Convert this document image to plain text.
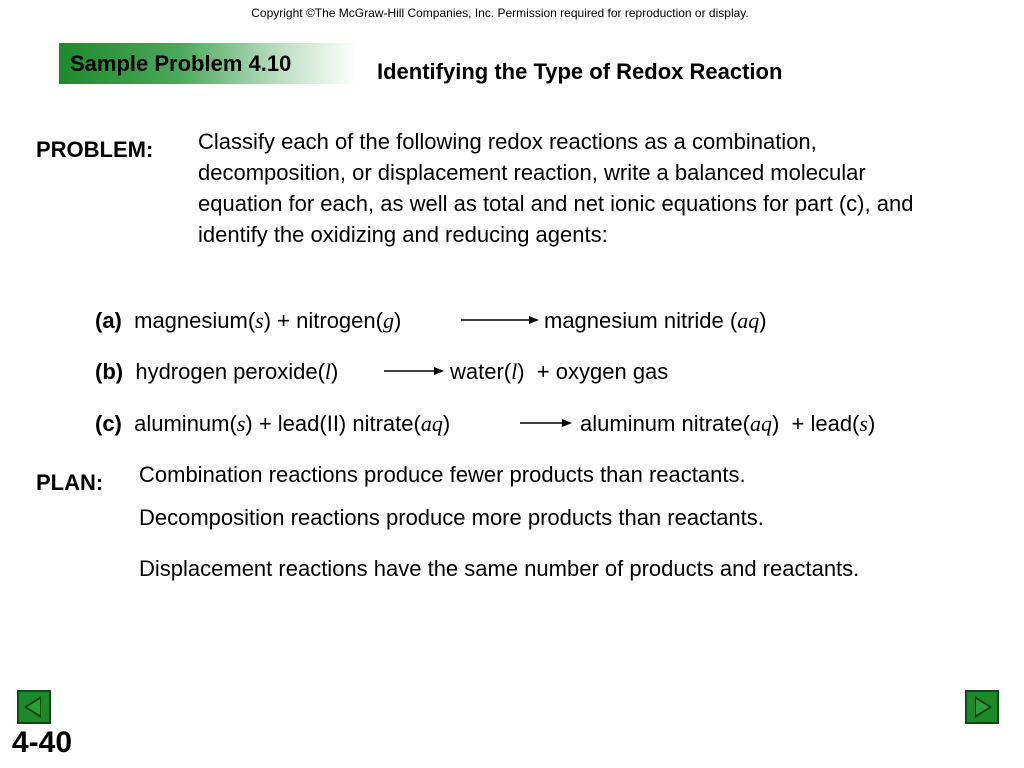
Copyright ©The McGraw-Hill Companies, Inc. Permission required for reproduction or display.
Sample Problem 4.10	Identifying the Type of Redox Reaction
PROBLEM: Classify each of the following redox reactions as a combination, decomposition, or displacement reaction, write a balanced molecular equation for each, as well as total and net ionic equations for part (c), and identify the oxidizing and reducing agents:
(a) magnesium(s) + nitrogen(g)	magnesium nitride (aq)
(b) hydrogen peroxide(l)	→ water(l)  + oxygen gas
(c) aluminum(s) + lead(II) nitrate(aq)	→ aluminum nitrate(aq)  + lead(s)
PLAN: Combination reactions produce fewer products than reactants.
Decomposition reactions produce more products than reactants.
Displacement reactions have the same number of products and reactants.
4-40
